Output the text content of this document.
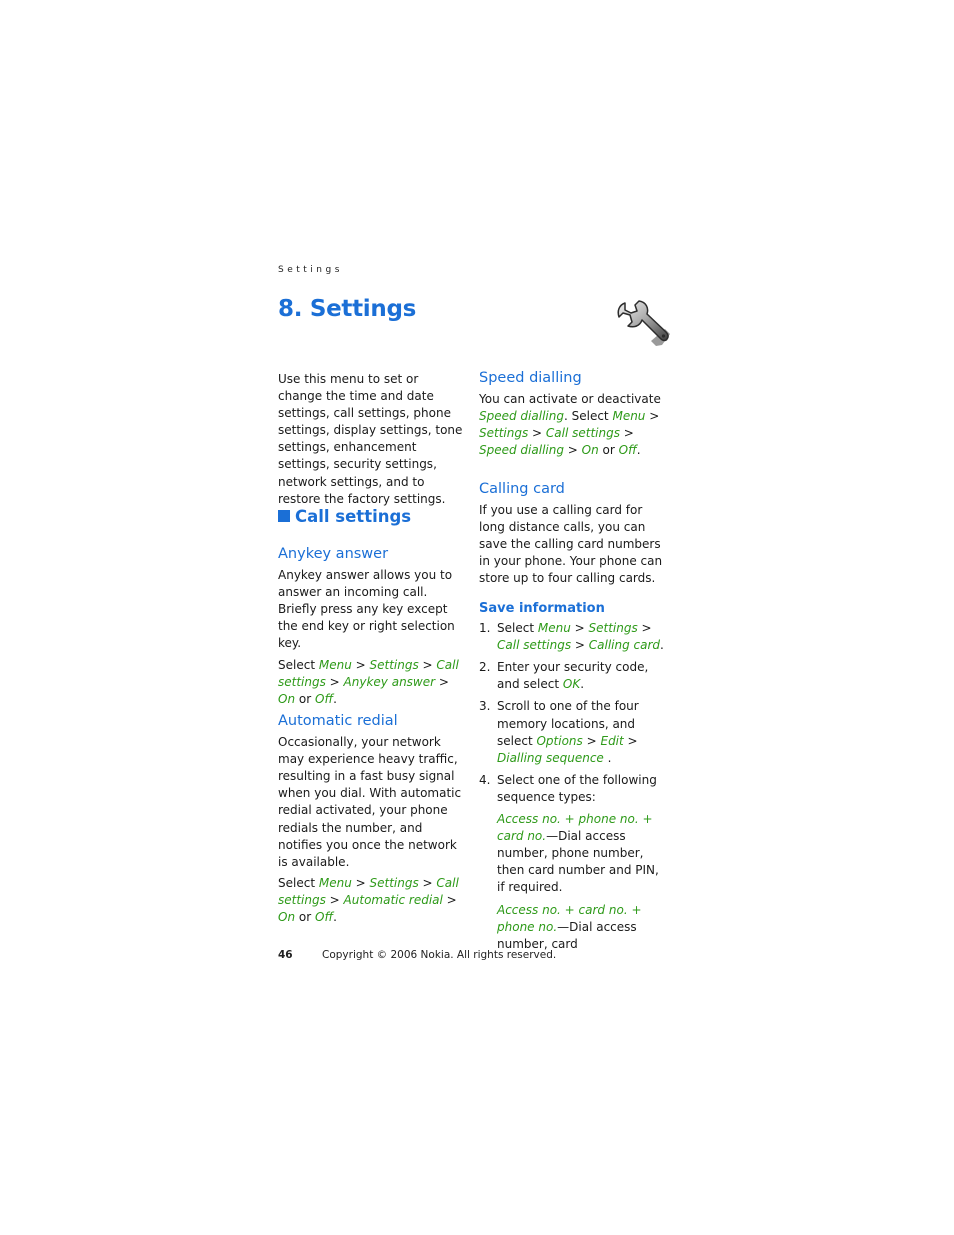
Settings
8. Settings

Use this menu to set or change the time and date settings, call settings, phone settings, display settings, tone settings, enhancement settings, security settings, network settings, and to restore the factory settings.

Call settings
Anykey answer

Anykey answer allows you to answer an incoming call. Briefly press any key except the end key or right selection key.

Select Menu > Settings > Call settings > Anykey answer > On or Off.

Automatic redial

Occasionally, your network may experience heavy traffic, resulting in a fast busy signal when you dial. With automatic redial activated, your phone redials the number, and notifies you once the network is available.

Select Menu > Settings > Call settings > Automatic redial > On or Off.

Speed dialling

You can activate or deactivate Speed dialling. Select Menu > Settings > Call settings > Speed dialling > On or Off.

Calling card

If you use a calling card for long distance calls, you can save the calling card numbers in your phone. Your phone can store up to four calling cards.

Save information
1. Select Menu > Settings > Call settings > Calling card.
2. Enter your security code, and select OK.
3. Scroll to one of the four memory locations, and select Options > Edit > Dialling sequence .
4. Select one of the following sequence types:

Access no. + phone no. + card no.—Dial access number, phone number, then card number and PIN, if required.

Access no. + card no. + phone no.—Dial access number, card

46	Copyright © 2006 Nokia. All rights reserved.
